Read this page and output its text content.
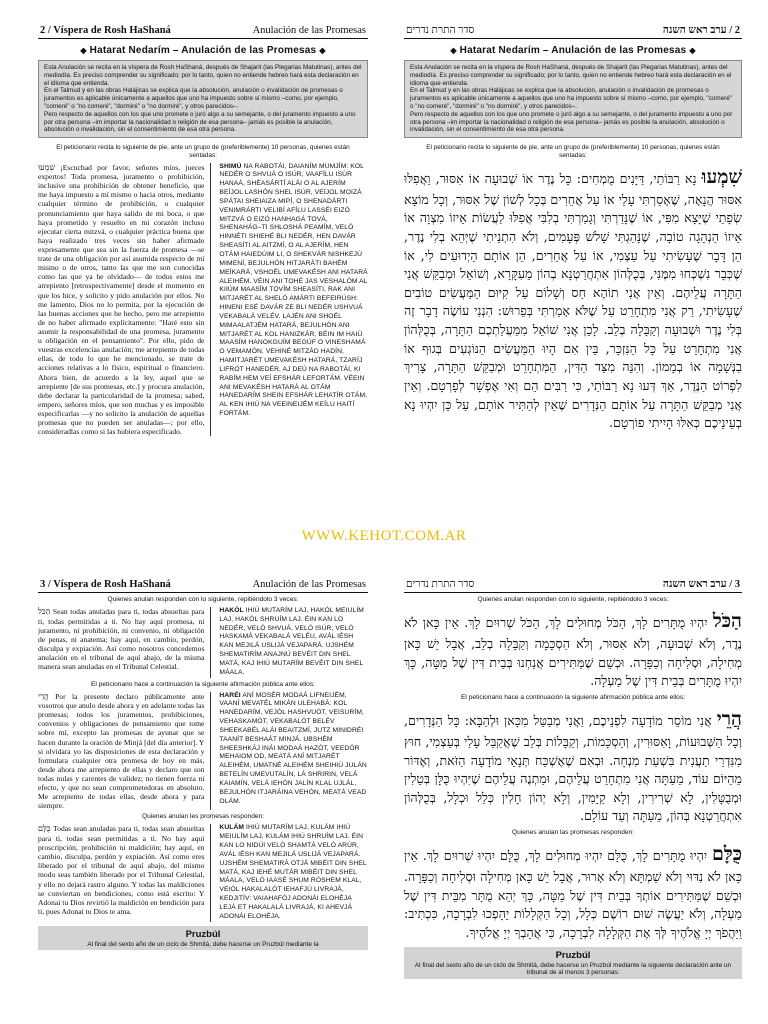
2 / Víspera de Rosh HaShaná	Anulación de las Promesas
◆ Hatarat Nedarím – Anulación de las Promesas ◆

Esta Anulación se recita en la víspera de Rosh HaShaná, después de Shajarit (las Plegarias Matutinas), antes del mediodía. Es preciso comprender su significado; por lo tanto, quien no entiende hebreo hará esta declaración en el idioma que entienda.

En el Talmud y en las obras Halájicas se explica que la absolución, anulación o invalidación de promesas o juramentos es aplicable únicamente a aquellos que uno ha impuesto sobre sí mismo –como, por ejemplo, "comeré" o "no comeré", "dormiré" o "no dormiré", y otros parecidos–.

Pero respecto de aquellos con los que uno promete o juró algo a su semejante, o del juramento impuesto a uno por otra persona –im importar la nacionalidad o religión de esa persona– jamás es posible la anulación, absolución o invalidación, sin el consentimiento de esa otra persona.

El peticionario recita lo siguiente de pie, ante un grupo de (preferiblemente) 10 personas, quienes están sentadas:
שִׁמְעוּ ¡Escuchad por favor, señores míos, jueces expertos! Toda promesa, juramento o prohibición, inclusive una prohibición de obtener beneficio, que me haya impuesto a mí mismo o hacia otros, mediante cualquier término de prohibición, o cualquier pronunciamiento que haya salido de mi boca, o que haya prometido y resuelto en mi corazón incluso ejecutar cierta mitzvá, o cualquier práctica buena que haya realizado tres veces sin haber afirmado expresamente que sea sin la fuerza de promesa —se trate de una obligación por así asumida respecto de mí mismo o de otros, tanto las que me son conocidas como las que ya he olvidado— de todos estos me arrepiento [retrospectivamente] desde el momento en que los hice, y solicito y pido anulación por ellos. No me lamento, Dios no lo permita, por la ejecución de las buenas acciones que he hecho, pero me arrepiento de no haber afirmado explícitamente: "Haré esto sin asumir la responsabilidad de una promesa, juramento u obligación en el pensamiento". Por ello, pido de vuestras excelencias anulación; me arrepiento de todas ellas, de todo lo que he mencionado, se trate de acciones relativas a lo físico, espiritual o financiero. Ahora bien, de acuerdo a la ley, aquel que se arrepiente [de sus promesas, etc.] y procura anulación, debe declarar la particularidad de la promesa; sabed, empero, señores míos, que son muchas y es imposible especificarlas —y no solicito la anulación de aquellas promesas que no pueden ser anuladas—; por ello, consideradlas como si las hubiera especificado.
SHIMÚ NA RABOTÁI, DAIANÍM MUMJÍM: KOL NEDÉR O SHVUÁ O ISÚR, VAAFÍLU ISÚR HANAÁ, SHÈASÁRTÍ ALÁI O AL AJERÍM BEÍJOL LASHÓN SHEL ISÚR, VEÍJOL MOIZÁ SPÁTAI SHEIAIZA MIPÍ, O SHENADÁRTI VENIMRÁRTI VELIBÍ AFÍLU LASSÉI EIZÓ MITZVÁ O EIZÓ HANHAGÁ TOVÁ, SHENAHÁG–TI SHLOSHÁ PEAMÍM, VELÓ HINNÉTI SHIEHÉ BLI NEDÉR, HEN DAVÁR SHEASÍTI AL AITZMÍ, O AL AJERÍM, HEN OTÁM HAIEDÚIM LI, O SHEKVÁR NISHKEJÚ MIMENÍ, BEJULHÓN HITJARÁTI BAHÉM MEÍKARÁ, VSHOÉL UMEVAKÉSH ANI HATARÁ ALEIHÉM. VÉIN ANI TOHÉ JAS VESHALÓM AL KIIÚM MAASÍM TOVÍM SHEASÍTI, RAK ANI MITJARÉT AL SHELÓ AMÁRTI BEFEIRÚSH: HINENI ESÉ DAVÁR ZE BLI NEDÉR USHVUÁ VEKABALÁ VELÉV. LAJÉN ANI SHOÉL MIMAALATJÉM HATARÁ, BEJULHÓN ANI MITJARÉT AL KOL HANIZKÁR, BÉIN IM HAIÚ MAASÍM HANOKGUÍM BEGÚF O VINESHAMÁ O VEMAMÓN. VEHINÉ MITZÁD HADÍN, HAMITJARÉT UMEVAKÉSH HATARÁ, TZARÍJ LIFRÓT HANEDÉR, AJ DEÚ NA RABOTÁI, KI RABÍM HEM VEÍ EFSHÁR LEFORTÁM. VÉEIN ANI MEVAKÉSH HATARÁ AL OTÁM HANEDARÍM SHEIN EFSHÁR LEHATÍR OTÁM, AL KEN IHIÚ NA VEEINEIJÉM KEÍLU HAITÍ FORTÁM.
2 / ערב ראש השנה
סדר התרת נדרים
◆ Hatarat Nedarím – Anulación de las Promesas ◆

Esta Anulación se recita en la víspera de Rosh HaShaná, después de Shajarit (las Plegarias Matutinas), antes del mediodía. Es preciso comprender su significado; por lo tanto, quien no entiende hebreo hará esta declaración en el idioma que entienda.

En el Talmud y en las obras Halájicas se explica que la absolución, anulación o invalidación de promesas o juramentos es aplicable únicamente a aquellos que uno ha impuesto sobre sí mismo –como, por ejemplo, "comeré" o "no comeré", "dormiré" o "no dormiré", y otros parecidos–.

Pero respecto de aquellos con los que uno promete o juró algo a su semejante, o del juramento impuesto a uno por otra persona –im importar la nacionalidad o religión de esa persona– jamás es posible la anulación, absolución o invalidación, sin el consentimiento de esa otra persona.

El peticionario recita lo siguiente de pie, ante un grupo de (preferiblemente) 10 personas, quienes están sentadas:
שִׁמְעוּ נָא רַבּוֹתַי, דַּיָּנִים מֻמְחִים: כָּל נֶדֶר אוֹ שְׁבוּעָה אוֹ אִסּוּר, וַאֲפִלּוּ אִסּוּר הֲנָאָה, שֶׁאָסַרְתִּי עָלַי אוֹ עַל אֲחֵרִים בְּכָל לְשׁוֹן שֶׁל אִסּוּר, וְכָל מוֹצָא שְׂפָתַי שֶׁיָּצָא מִפִּי, אוֹ שֶׁנָּדַרְתִּי וְגָמַרְתִּי בְלִבִּי אֲפִלּוּ לַעֲשׂוֹת אֵיזוֹ מִצְוָה אוֹ אֵיזוֹ הַנְהָגָה טוֹבָה, שֶׁנָּהַגְתִּי שָׁלשׁ פְּעָמִים, וְלֹא הִתְנֵיתִי שֶׁיְּהֵא בְלִי נֶדֶר, הֵן דָּבָר שֶׁעָשִׂיתִי עַל עַצְמִי, אוֹ עַל אֲחֵרִים, הֵן אוֹתָם הַיְדוּעִים לִי, אוֹ שֶׁכְּבָר נִשְׁכְּחוּ מִמֶּנִּי, בְּכֻלְּהוֹן אִתְחֲרַטְנָא בְהוֹן מֵעִקָּרָא, וְשׁוֹאֵל וּמְבַקֵּשׁ אֲנִי הַתָּרָה עֲלֵיהֶם. וְאֵין אֲנִי תוֹהֶא חַס וְשָׁלוֹם עַל קִיּוּם הַמַּעֲשִׂים טוֹבִים שֶׁעָשִׂיתִי, רַק אֲנִי מִתְחָרֵט עַל שֶׁלֹּא אָמַרְתִּי בְּפֵרוּשׁ: הִנְנִי עוֹשֶׂה דָבָר זֶה בְּלִי נֶדֶר וּשְׁבוּעָה וְקַבָּלָה בְלֵב. לָכֵן אֲנִי שׁוֹאֵל מִמַּעֲלַתְכֶם הַתָּרָה, בְּכֻלְּהוֹן אֲנִי מִתְחָרֵט עַל כָּל הַנִּזְכָּר, בֵּין אִם הָיוּ הַמַּעֲשִׂים הַנּוֹגְעִים בְּגוּף אוֹ בַנְּשָׁמָה אוֹ בְמָמוֹן. וְהִנֵּה מִצַּד הַדִּין, הַמִּתְחָרֵט וּמְבַקֵּשׁ הַתָּרָה, צָרִיךְ לִפְרוֹט הַנֶּדֶר, אַךְ דְּעוּ נָא רַבּוֹתַי, כִּי רַבִּים הֵם וְאִי אֶפְשָׁר לְפָרְטָם. וְאֵין אֲנִי מְבַקֵּשׁ הַתָּרָה עַל אוֹתָם הַנְּדָרִים שֶׁאֵין לְהַתִּיר אוֹתָם, עַל כֵּן יִהְיוּ נָא בְעֵינֵיכֶם כְּאִלּוּ הָיִיתִי פוֹרְטָם.
WWW.KEHOT.COM.AR
3 / Víspera de Rosh HaShaná	Anulación de las Promesas
Quienes anulan responden con lo siguiente, repitiéndolo 3 veces:
הַכֹּל Sean todas anuladas para ti, todas absueltas para ti, todas permitidas a ti. No hay aquí promesa, ni juramento, ni prohibición, ni convenio, ni obligación de penas, ni anatema; hay aquí, en cambio, perdón, disculpa y expiación. Así como nosotros concedemos anulación en el tribunal de aquí abajo, de la misma manera sean anuladas en el Tribunal Celestial.
HAKÓL IHIÚ MUTARÍM LAJ, HAKÓL MEIULÍM LAJ, HAKÓL SHRUÍM LAJ. ÉIN KAN LO NEDÉR, VELÓ SHVUÁ, VELÓ ISÚR, VELÓ HASKAMÁ VEKABALÁ VELÉU, AVÁL IÉSH KAN MEJILÁ USLIJÁ VEJAPARÁ. UJSHÉM SHEMATIRÍM ANAJNÚ BEVÉIT DIN SHEL MATÁ, KAJ IHIÚ MUTARÍM BEVÉIT DIN SHEL MÁALA.
El peticionario hace a continuación la siguiente afirmación pública ante ellos:
הֲרֵי Por la presente declaro públicamente ante vosotros que anulo desde ahora y en adelante todas las promesas; todos los juramentos, prohibiciones, convenios y obligaciones de pensamiento que tome sobre mí, excepto las promesas de ayunar que se hacen durante la oración de Minjá [del día anterior]. Y si olvidara yo las disposiciones de esta declaración y formulara cualquier otra promesa de hoy en más, desde ahora me arrepiento de ellas y declaro que son todas nulas y carentes de validez; no tienen fuerza ni efecto, y que no sean comprometedoras en absoluto. Me arrepiento de todas ellas, desde ahora y para siempre.
HARÉI ANÍ MOSÉR MODAÁ LIFNEIJÉM, VAANÍ MEVATÉL MIKÁN ULEHABÁ: KOL HANEDARÍM, VEJÓL HASHVUÓT, VEISURÍM, VEHASKAMÓT, VEKABALÓT BELÉV SHEEKABÉL ALÁI BEAITZMÍ, JUTZ MINIDRÉI TAANÍT BESHAÁT MINJÁ. UBSHÉM SHEESHKÁJ INÁI MODAÁ HAZÓT, VEEDÓR MEHAIOM OD, MEATÁ ANÍ MITJARÉT ALEIHÉM, UMATNÉ ALEIHÉM SHEIHIÚ JULÁN BETELÍN UMEVUTALÍN, LÁ SHRIRIN, VELÁ KAIAMÍN, VELÁ IEHÓN JALÍN KLAL UJLÁL, BEJULHÓN ITJARÁINA VEHÓN, MEATÁ VEAD OLÁM.
Quienes anulan les promesas responden:
כֻּלָּם Todas sean anuladas para ti, todas sean absueltas para ti, todas sean permitidas a ti. No hay aquí proscripción, prohibición ni maldición; hay aquí, en cambio, disculpa, perdón y expiación. Así como eres liberado por el tribunal de aquí abajo, del mismo modo seas también liberado por el Tribunal Celestial, y ello no dejará rastro alguno. Y todas las maldiciones se conviertan en bendiciones, como está escrito: Y Adonai tu Dios revirtió la maldición en bendición para ti, pues Adonai tu Dios te ama.
KULÁM IHIÚ MUTARÍM LAJ, KULÁM IHIÚ MEIULÍM LAJ, KULÁM IHIÚ SHRUÍM LAJ. ÉIN KAN LO NIDÚI VELÓ SHAMTÁ VELÓ ARÚR, AVÁL IÉSH KAN MEJILÁ USLIJÁ VEJAPARÁ. UJSHÉM SHEMATIRÁ OTJÁ MIBÉIT DIN SHEL MATÁ, KAJ IEHÉ MUTÁR MIBÉIT DIN SHEL MÁALA, VELÓ IAASÉ SHUM RÓSHEM KLAL, VEIÓL HAKALALÓT IEHAFJÚ LIVRAJÁ, KEDJITÍV: VAIAHAFÓJ ADONÁI ELOHÉJA LEJÁ ET HAKALALÁ LIVRAJÁ, KI AHEVJÁ ADONÁI ELOHÉJA.
Pruzbúl
Al final del sexto año de un ciclo de Shmitá, debe hacerse un Pruzbúl mediante la
3 / ערב ראש השנה
סדר התרת נדרים
Quienes anulan responden con lo siguiente, repitiéndolo 3 veces:
הַכֹּל יִהְיוּ מֻתָּרִים לָךְ, הַכֹּל מְחוּלִים לָךְ, הַכֹּל שְׁרוּיִם לָךְ. אֵין כָּאן לֹא נֶדֶר, וְלֹא שְׁבוּעָה, וְלֹא אִסּוּר, וְלֹא הַסְכָּמָה וְקַבָּלָה בְלֵב, אֲבָל יֵשׁ כָּאן מְחִילָה, וּסְלִיחָה וְכַפָּרָה. וּכְשֵׁם שֶׁמַּתִּירִים אֲנַחְנוּ בְּבֵית דִּין שֶׁל מַטָּה, כָּךְ יִהְיוּ מֻתָּרִים בְּבֵית דִּין שֶׁל מַעְלָה.
El peticionario hace a continuación la siguiente afirmación pública ante ellos:
הֲרֵי אֲנִי מוֹסֵר מוֹדָעָה לִפְנֵיכֶם, וַאֲנִי מְבַטֵּל מִכָּאן וּלְהַבָּא: כָּל הַנְּדָרִים, וְכָל הַשְּׁבוּעוֹת, וָאִסּוּרִין, וְהַסְכָּמוֹת, וְקַבָּלוֹת בְּלֵב שֶׁאֲקַבֵּל עָלַי בְּעַצְמִי, חוּץ מִנִּדְרֵי תַעֲנִית בִּשְׁעַת מִנְחָה. וּבְאִם שֶׁאֶשְׁכַּח תְּנָאֵי מוֹדָעָה הַזֹּאת, וְאֶדּוֹר מֵהַיּוֹם עוֹד, מֵעַתָּה אֲנִי מִתְחָרֵט עֲלֵיהֶם, וּמַתְנֶה עֲלֵיהֶם שֶׁיִּהְיוּ כֻּלָּן בְּטֵלִין וּמְבֻטָּלִין, לָא שְׁרִירִין, וְלָא קַיָּמִין, וְלָא יְהוֹן חָלִין כְּלַל וּכְלָל, בְּכֻלְּהוֹן אִתְחֲרַטְנָא בְּהוֹן, מֵעַתָּה וְעַד עוֹלָם.
Quienes anulan las promesas responden:
כֻּלָּם יִהְיוּ מֻתָּרִים לָךְ, כֻּלָּם יִהְיוּ מְחוּלִים לָךְ, כֻּלָּם יִהְיוּ שְׁרוּיִם לָךְ. אֵין כָּאן לֹא נִדּוּי וְלֹא שַׁמְתָּא וְלֹא אָרוּר, אֲבָל יֵשׁ כָּאן מְחִילָה וּסְלִיחָה וְכַפָּרָה. וּכְשֵׁם שֶׁמַּתִּירִים אוֹתְךָ בְּבֵית דִּין שֶׁל מַטָּה, כָּךְ יְהֵא מֻתָּר מִבֵּית דִּין שֶׁל מַעְלָה, וְלֹא יַעֲשֶׂה שׁוּם רוֹשֶׁם כְּלָל, וְכָל הַקְּלָלוֹת יֵהָפְכוּ לִבְרָכָה, כִּכְתִיב: וַיַּהֲפֹךְ יְיָ אֱלֹהֶיךָ לְּךָ אֶת הַקְּלָלָה לִבְרָכָה, כִּי אֲהֵבְךָ יְיָ אֱלֹהֶיךָ.
Pruzbúl
Al final del sexto año de un ciclo de Shmitá, debe hacerse un Pruzbúl mediante la siguiente declaración ante un tribunal de al menos 3 personas:
